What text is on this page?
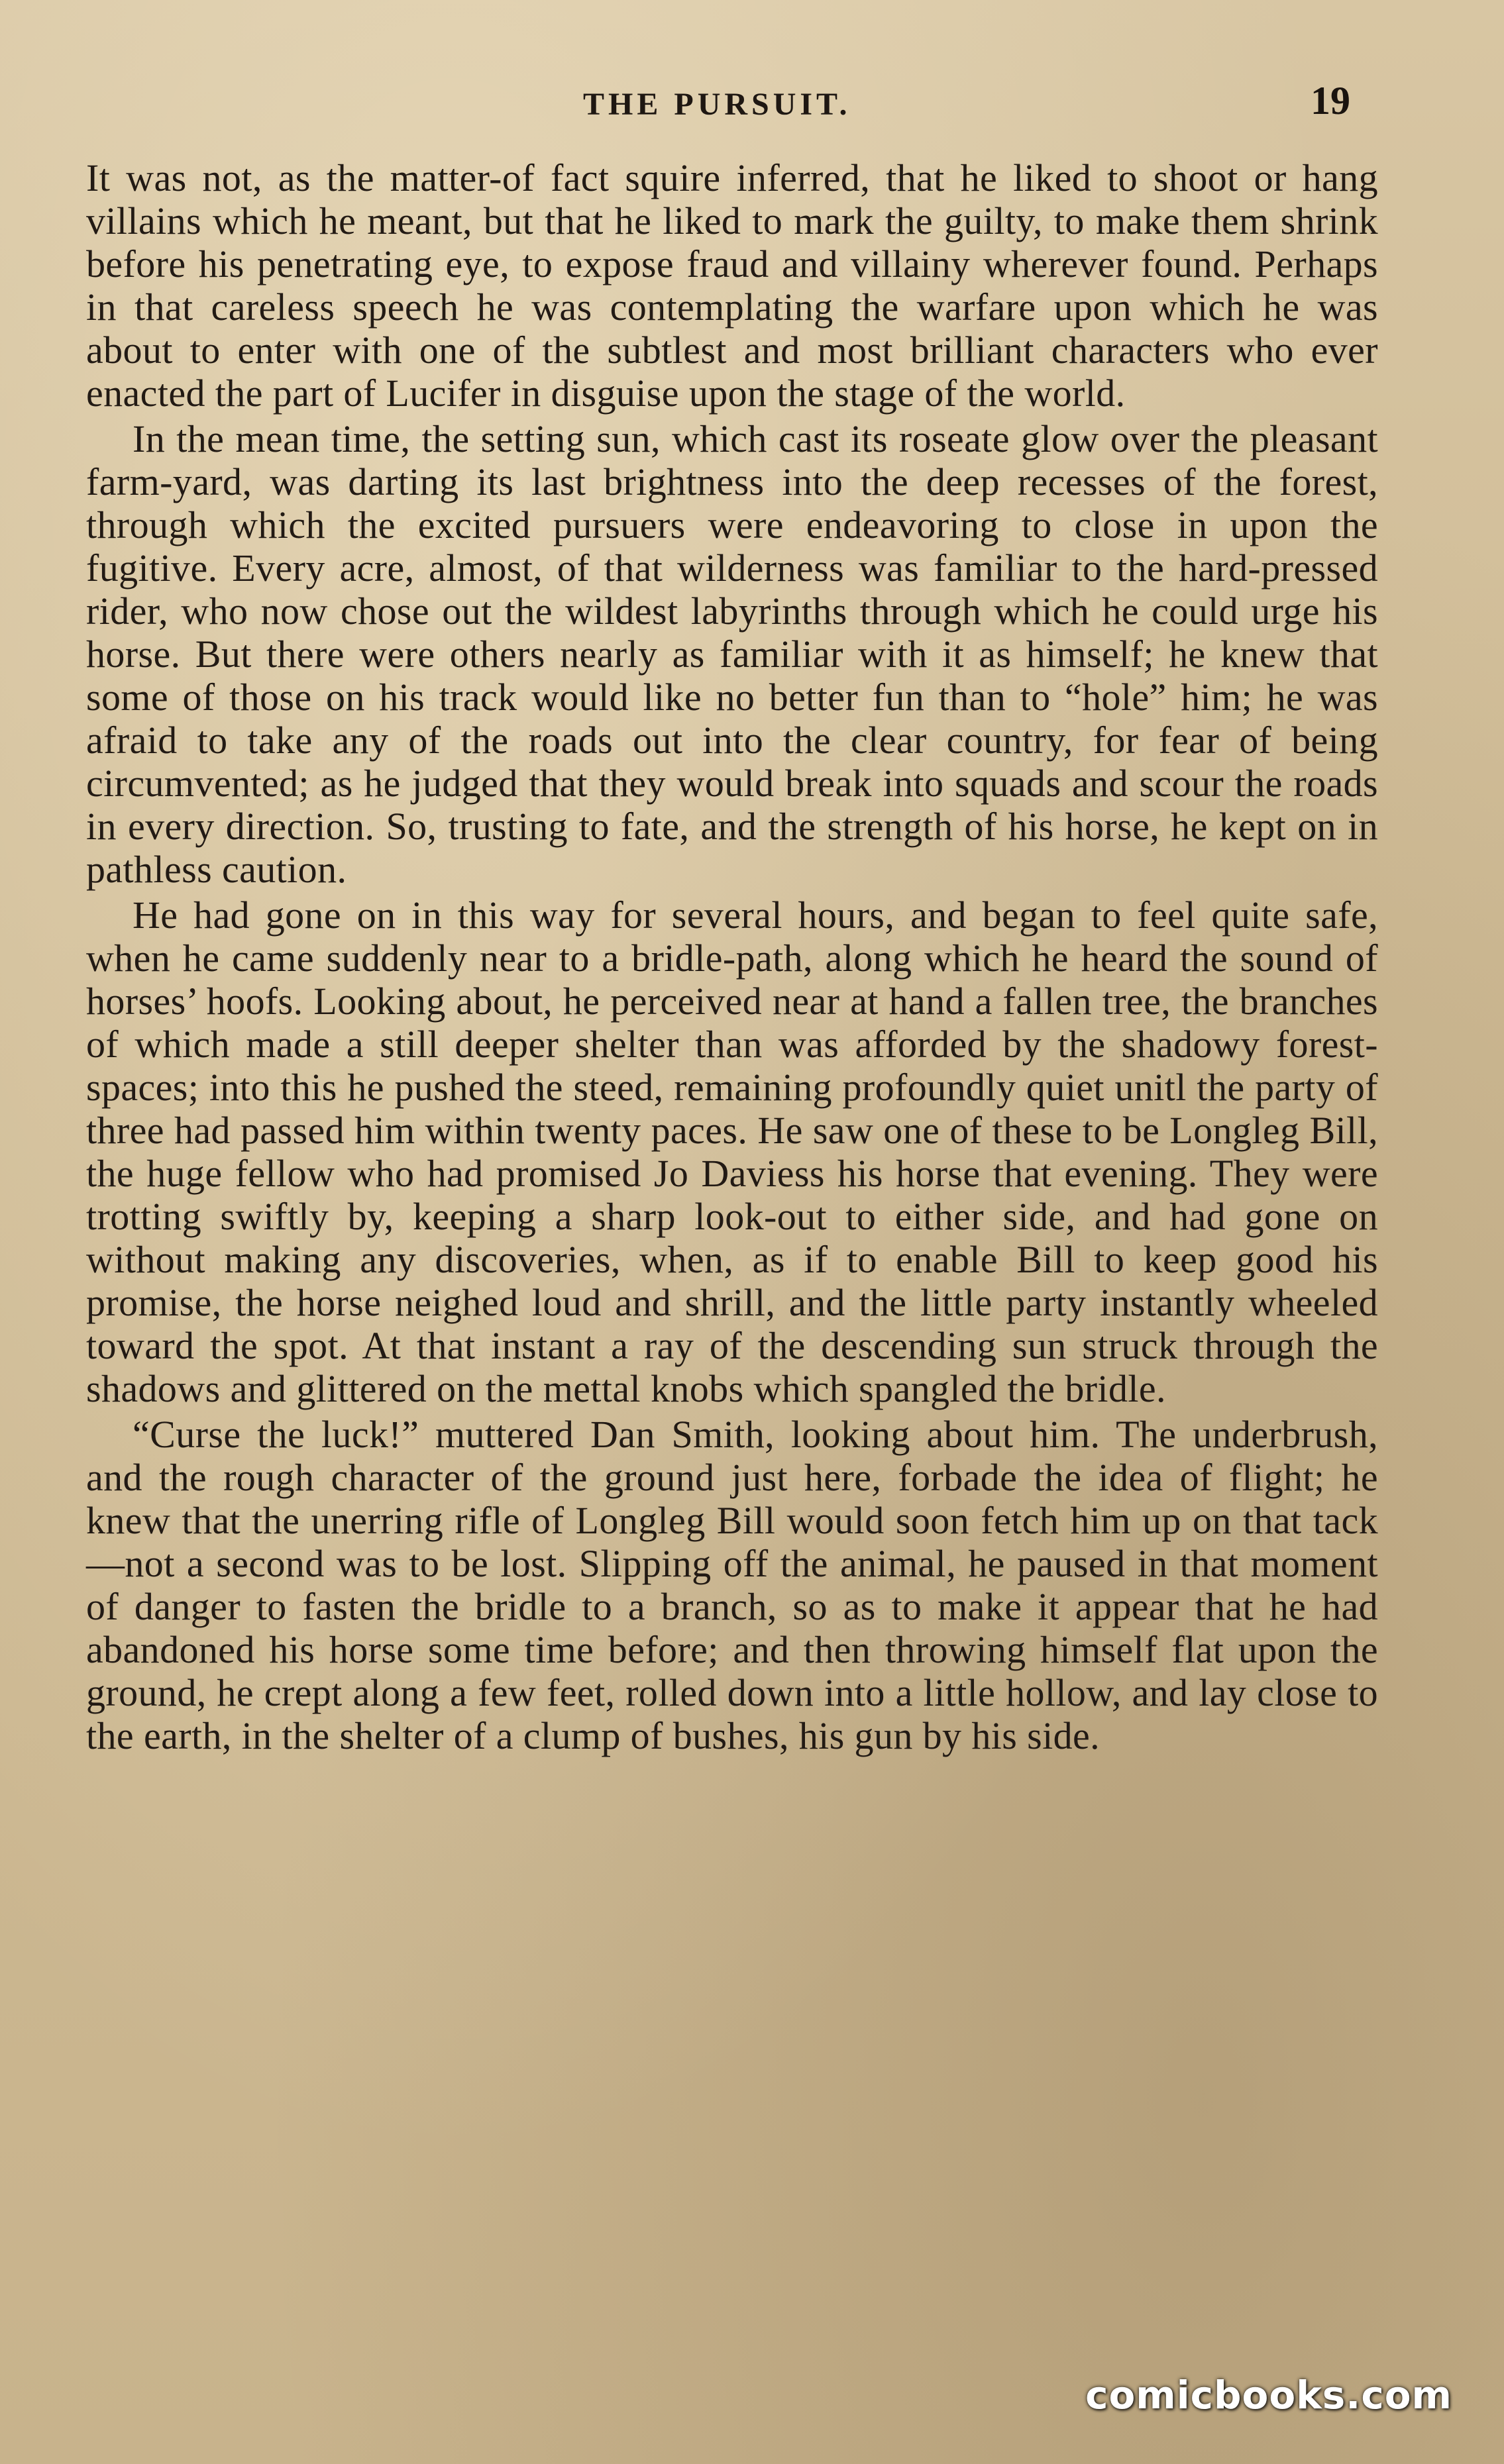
THE PURSUIT.	19

It was not, as the matter-of fact squire inferred, that he liked to shoot or hang villains which he meant, but that he liked to mark the guilty, to make them shrink before his penetrating eye, to expose fraud and villainy wherever found. Perhaps in that careless speech he was contemplating the warfare upon which he was about to enter with one of the subtlest and most brilliant characters who ever enacted the part of Lucifer in disguise upon the stage of the world.

In the mean time, the setting sun, which cast its roseate glow over the pleasant farm-yard, was darting its last brightness into the deep recesses of the forest, through which the excited pursuers were endeavoring to close in upon the fugitive. Every acre, almost, of that wilderness was familiar to the hard-pressed rider, who now chose out the wildest labyrinths through which he could urge his horse. But there were others nearly as familiar with it as himself; he knew that some of those on his track would like no better fun than to “hole” him; he was afraid to take any of the roads out into the clear country, for fear of being circumvented; as he judged that they would break into squads and scour the roads in every direction. So, trusting to fate, and the strength of his horse, he kept on in pathless caution.

He had gone on in this way for several hours, and began to feel quite safe, when he came suddenly near to a bridle-path, along which he heard the sound of horses’ hoofs. Looking about, he perceived near at hand a fallen tree, the branches of which made a still deeper shelter than was afforded by the shadowy forest-spaces; into this he pushed the steed, remaining profoundly quiet unitl the party of three had passed him within twenty paces. He saw one of these to be Longleg Bill, the huge fellow who had promised Jo Daviess his horse that evening. They were trotting swiftly by, keeping a sharp look-out to either side, and had gone on without making any discoveries, when, as if to enable Bill to keep good his promise, the horse neighed loud and shrill, and the little party instantly wheeled toward the spot. At that instant a ray of the descending sun struck through the shadows and glittered on the mettal knobs which spangled the bridle.

“Curse the luck!” muttered Dan Smith, looking about him. The underbrush, and the rough character of the ground just here, forbade the idea of flight; he knew that the unerring rifle of Longleg Bill would soon fetch him up on that tack—not a second was to be lost. Slipping off the animal, he paused in that moment of danger to fasten the bridle to a branch, so as to make it appear that he had abandoned his horse some time before; and then throwing himself flat upon the ground, he crept along a few feet, rolled down into a little hollow, and lay close to the earth, in the shelter of a clump of bushes, his gun by his side.

comicbooks.com
